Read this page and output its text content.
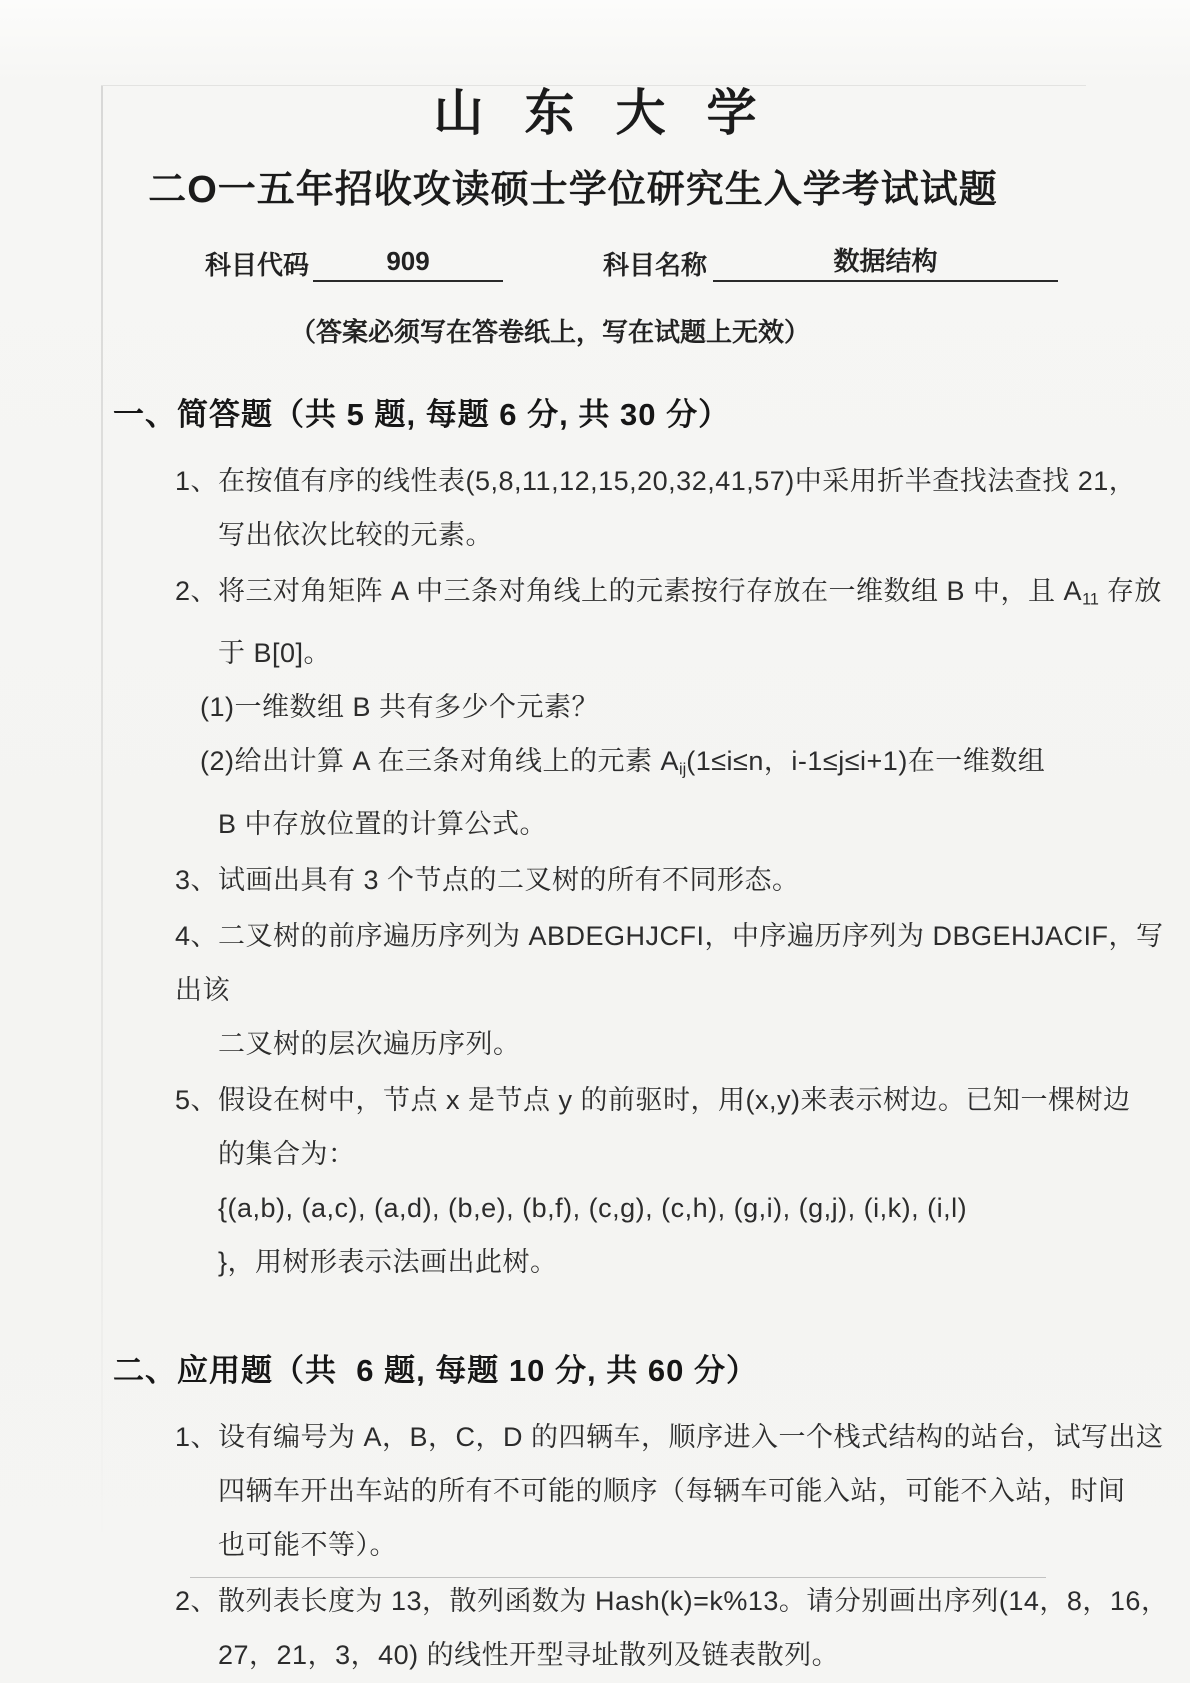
山东大学
二O一五年招收攻读硕士学位研究生入学考试试题
科目代码	909	科目名称	数据结构
（答案必须写在答卷纸上，写在试题上无效）
一、简答题（共 5 题, 每题 6 分, 共 30 分）
1、在按值有序的线性表(5,8,11,12,15,20,32,41,57)中采用折半查找法查找 21，
写出依次比较的元素。
2、将三对角矩阵 A 中三条对角线上的元素按行存放在一维数组 B 中，且 $A_{11}$ 存放
于 B[0]。
(1)一维数组 B 共有多少个元素？
(2)给出计算 A 在三条对角线上的元素 $A_{ij}(1\le i\le n$，i-1≤j≤i+1)在一维数组
B 中存放位置的计算公式。
3、试画出具有 3 个节点的二叉树的所有不同形态。
4、二叉树的前序遍历序列为 ABDEGHJCFI，中序遍历序列为 DBGEHJACIF，写出该
二叉树的层次遍历序列。
5、假设在树中，节点 x 是节点 y 的前驱时，用(x,y)来表示树边。已知一棵树边
的集合为：
{(a,b), (a,c), (a,d), (b,e), (b,f), (c,g), (c,h), (g,i), (g,j), (i,k), (i,l)
}，用树形表示法画出此树。
二、应用题（共  6 题, 每题 10 分, 共 60 分）
1、设有编号为 A，B，C，D 的四辆车，顺序进入一个栈式结构的站台，试写出这
四辆车开出车站的所有不可能的顺序（每辆车可能入站，可能不入站，时间
也可能不等）。
2、散列表长度为 13，散列函数为 Hash(k)=k%13。请分别画出序列(14，8，16，
27，21，3，40) 的线性开型寻址散列及链表散列。
